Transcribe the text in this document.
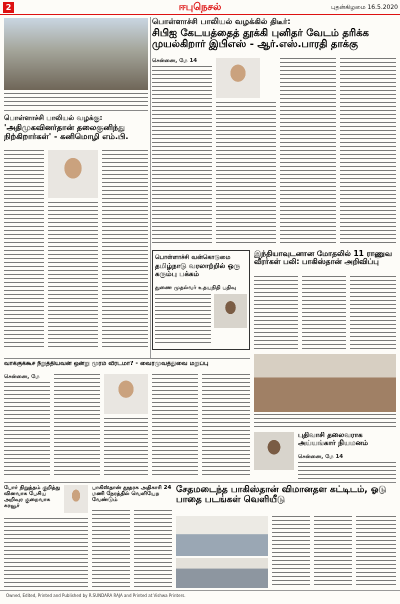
2	ஈபுநெசல்	புதன்கிழமை 16.5.2020
பொள்ளாச்சி பாலியல் வழக்கில் திடீர்:
சிபிஐ கேடயத்தைத் தூக்கி புனிதர் வேடம் தரிக்க முயல்கிறார் இபிஎஸ் - ஆர்.எஸ்.பாரதி தாக்கு
சென்னை, மே 14
பொள்ளாச்சி பாலியல் வழக்கு:
'அதிமுகவினர்தான் தலைகுனிந்து நிற்கிறார்கள்' - கனிமொழி எம்.பி.
பொள்ளாச்சி வன்கொடுமை
தமிழ்நாடு வரலாற்றில் ஒரு கரும்பு பக்கம்
துணை முதல்வர் உதயநிதி பதிவு
இந்தியாவுடனான மோதலில் 11 ராணுவ வீரர்கள் பலி: பாகிஸ்தான் அறிவிப்பு
வாக்குக்கூச நீறுத்தியவன் ஒன்று மூரம் வீரடமா? - வைரமுவத்துவை மறுப்பு
சென்னை, மே
புதிவாசி தலைவராக அய்யங்கார் நியமனம்
சென்னை, மே 14
போர் நிறுத்தம் குறித்து வினவாக பேசிய அறிவுர குறைவாக கரவூர்
பாகிஸ்தான் தூதரக அதிகாரி 24 மணி நேரத்தில் வெளியேற வேண்டும்
சேதமடைந்த பாகிஸ்தான் விமானதள கட்டிடம், ஓடு பாதை படங்கள் வெளியீடு
Owned, Edited, Printed and Published by R.SUNDARA RAJA and Printed at Vishwa Printers.
